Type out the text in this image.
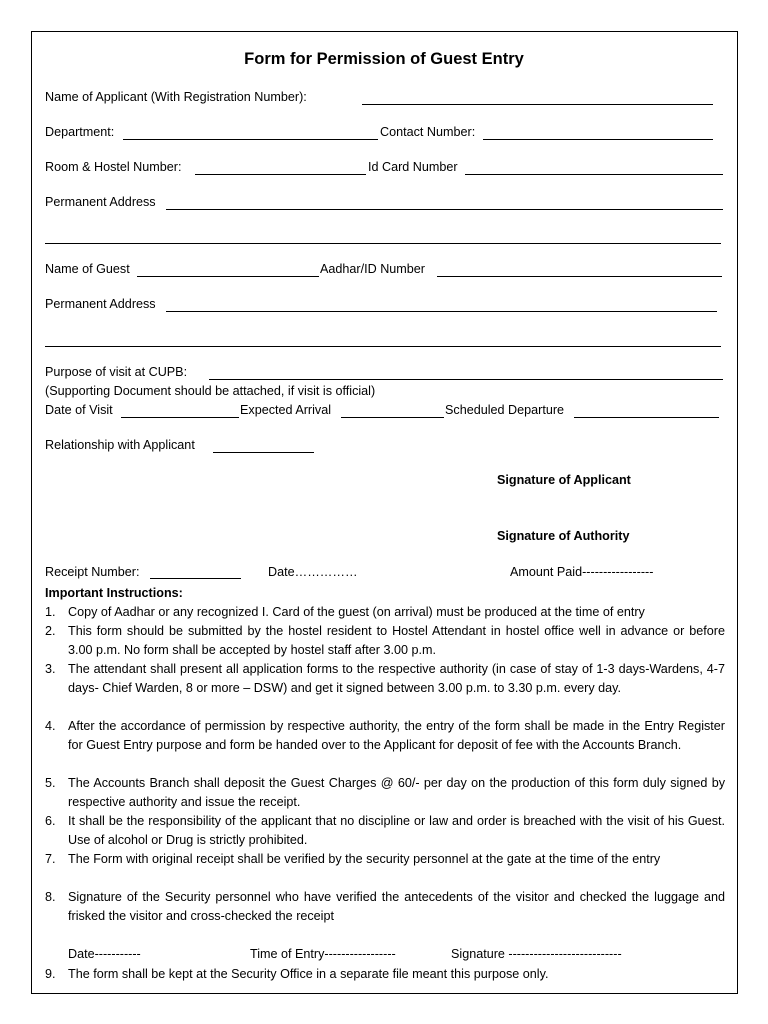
Form for Permission of Guest Entry
Name of Applicant (With Registration Number):
Department:	Contact Number:
Room & Hostel Number:	Id Card Number
Permanent Address
Name of Guest	Aadhar/ID Number
Permanent Address
Purpose of visit at CUPB:
(Supporting Document should be attached, if visit is official)
Date of Visit	Expected Arrival	Scheduled Departure
Relationship with Applicant
Signature of Applicant
Signature of Authority
Receipt Number:	Date……………	Amount Paid-----------------
Important Instructions:
1. Copy of Aadhar or any recognized I. Card of the guest (on arrival) must be produced at the time of entry
2. This form should be submitted by the hostel resident to Hostel Attendant in hostel office well in advance or before 3.00 p.m. No form shall be accepted by hostel staff after 3.00 p.m.
3. The attendant shall present all application forms to the respective authority (in case of stay of 1-3 days-Wardens, 4-7 days- Chief Warden, 8 or more – DSW) and get it signed between 3.00 p.m. to 3.30 p.m. every day.
4. After the accordance of permission by respective authority, the entry of the form shall be made in the Entry Register for Guest Entry purpose and form be handed over to the Applicant for deposit of fee with the Accounts Branch.
5. The Accounts Branch shall deposit the Guest Charges @ 60/- per day on the production of this form duly signed by respective authority and issue the receipt.
6. It shall be the responsibility of the applicant that no discipline or law and order is breached with the visit of his Guest. Use of alcohol or Drug is strictly prohibited.
7. The Form with original receipt shall be verified by the security personnel at the gate at the time of the entry
8. Signature of the Security personnel who have verified the antecedents of the visitor and checked the luggage and frisked the visitor and cross-checked the receipt
Date-----------	Time of Entry-----------------	Signature ---------------------------
9. The form shall be kept at the Security Office in a separate file meant this purpose only.
